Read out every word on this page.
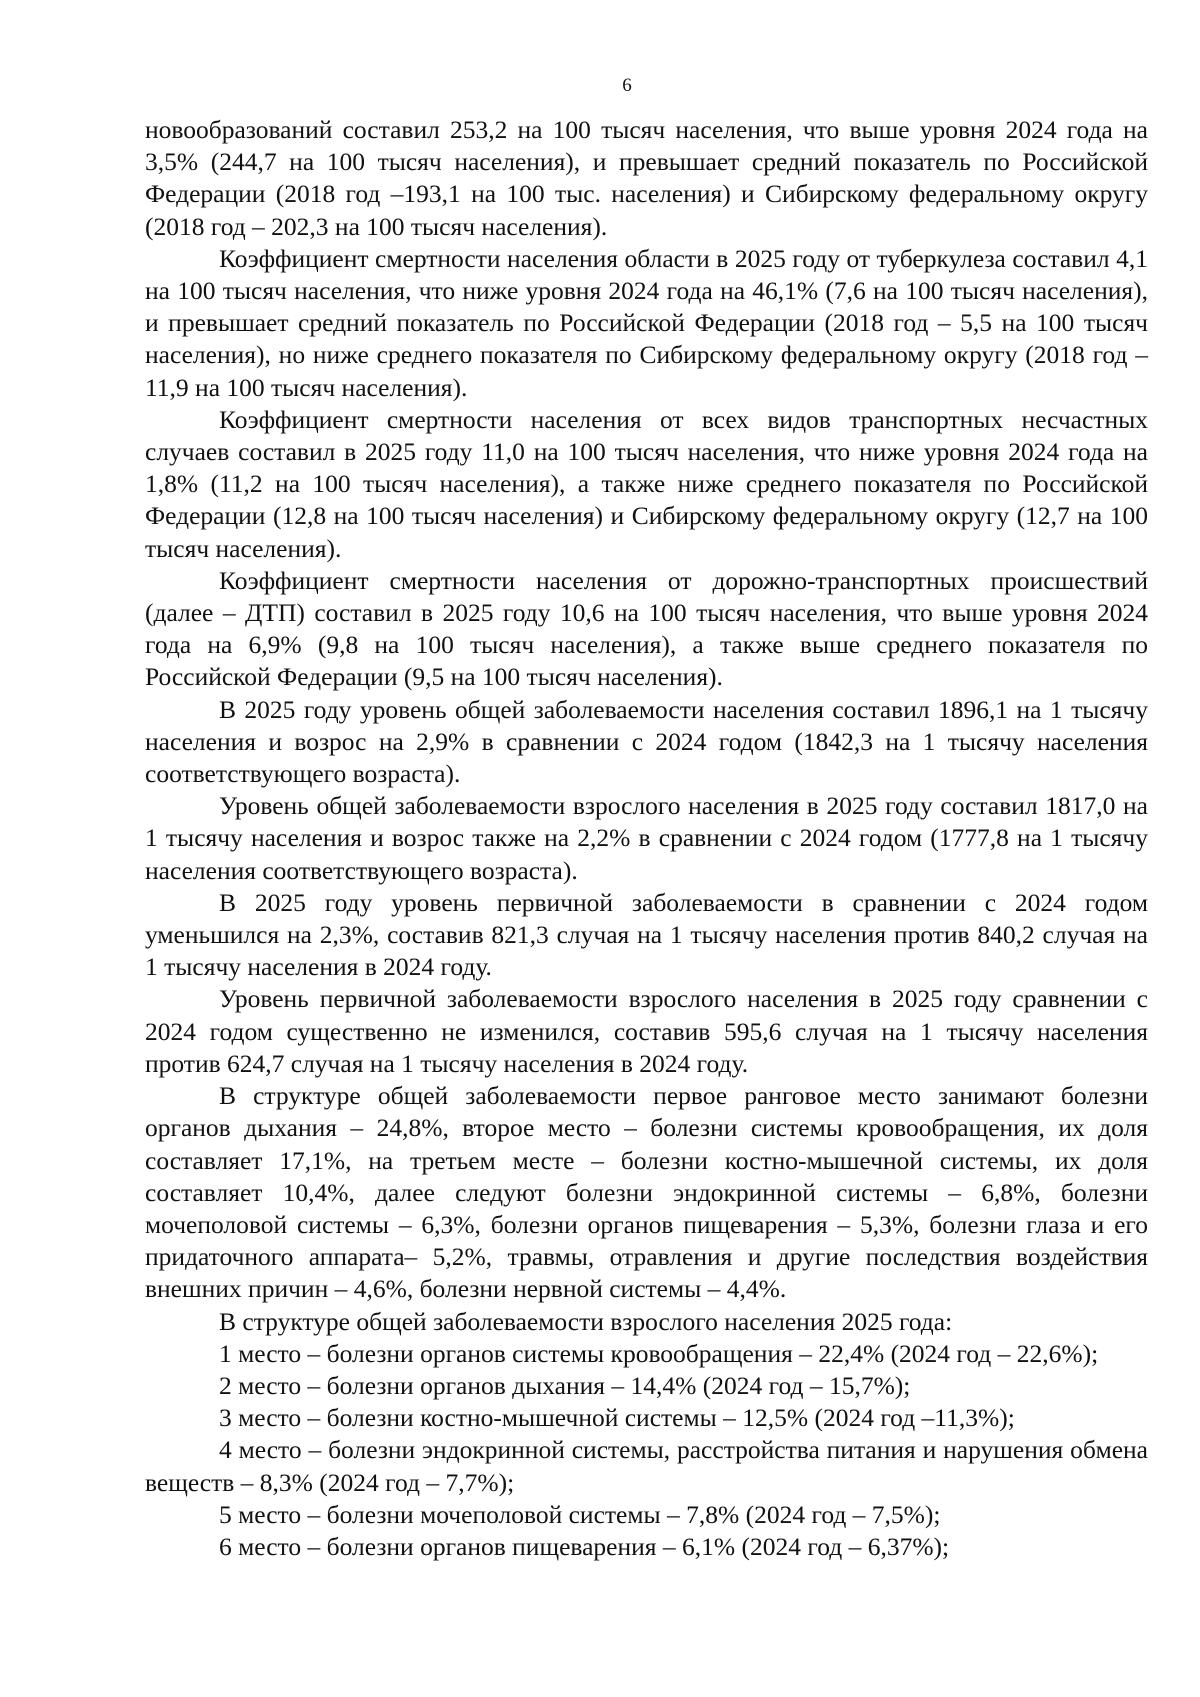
6

новообразований составил 253,2 на 100 тысяч населения, что выше уровня 2024 года на 3,5% (244,7 на 100 тысяч населения), и превышает средний показатель по Российской Федерации (2018 год –193,1 на 100 тыс. населения) и Сибирскому федеральному округу (2018 год – 202,3 на 100 тысяч населения).

Коэффициент смертности населения области в 2025 году от туберкулеза составил 4,1 на 100 тысяч населения, что ниже уровня 2024 года на 46,1% (7,6 на 100 тысяч населения), и превышает средний показатель по Российской Федерации (2018 год – 5,5 на 100 тысяч населения), но ниже среднего показателя по Сибирскому федеральному округу (2018 год – 11,9 на 100 тысяч населения).

Коэффициент смертности населения от всех видов транспортных несчастных случаев составил в 2025 году 11,0 на 100 тысяч населения, что ниже уровня 2024 года на 1,8% (11,2 на 100 тысяч населения), а также ниже среднего показателя по Российской Федерации (12,8 на 100 тысяч населения) и Сибирскому федеральному округу (12,7 на 100 тысяч населения).

Коэффициент смертности населения от дорожно-транспортных происшествий (далее – ДТП) составил в 2025 году 10,6 на 100 тысяч населения, что выше уровня 2024 года на 6,9% (9,8 на 100 тысяч населения), а также выше среднего показателя по Российской Федерации (9,5 на 100 тысяч населения).

В 2025 году уровень общей заболеваемости населения составил 1896,1 на 1 тысячу населения и возрос на 2,9% в сравнении с 2024 годом (1842,3 на 1 тысячу населения соответствующего возраста).

Уровень общей заболеваемости взрослого населения в 2025 году составил 1817,0 на 1 тысячу населения и возрос также на 2,2% в сравнении с 2024 годом (1777,8 на 1 тысячу населения соответствующего возраста).

В 2025 году уровень первичной заболеваемости в сравнении с 2024 годом уменьшился на 2,3%, составив 821,3 случая на 1 тысячу населения против 840,2 случая на 1 тысячу населения в 2024 году.

Уровень первичной заболеваемости взрослого населения в 2025 году сравнении с 2024 годом существенно не изменился, составив 595,6 случая на 1 тысячу населения против 624,7 случая на 1 тысячу населения в 2024 году.

В структуре общей заболеваемости первое ранговое место занимают болезни органов дыхания – 24,8%, второе место – болезни системы кровообращения, их доля составляет 17,1%, на третьем месте – болезни костно-мышечной системы, их доля составляет 10,4%, далее следуют болезни эндокринной системы – 6,8%, болезни мочеполовой системы – 6,3%, болезни органов пищеварения – 5,3%, болезни глаза и его придаточного аппарата– 5,2%, травмы, отравления и другие последствия воздействия внешних причин – 4,6%, болезни нервной системы – 4,4%.

В структуре общей заболеваемости взрослого населения 2025 года:

1 место – болезни органов системы кровообращения – 22,4% (2024 год – 22,6%);

2 место – болезни органов дыхания – 14,4% (2024 год – 15,7%);

3 место – болезни костно-мышечной системы – 12,5% (2024 год –11,3%);

4 место – болезни эндокринной системы, расстройства питания и нарушения обмена веществ – 8,3% (2024 год – 7,7%);

5 место – болезни мочеполовой системы – 7,8% (2024 год – 7,5%);

6 место – болезни органов пищеварения – 6,1% (2024 год – 6,37%);
